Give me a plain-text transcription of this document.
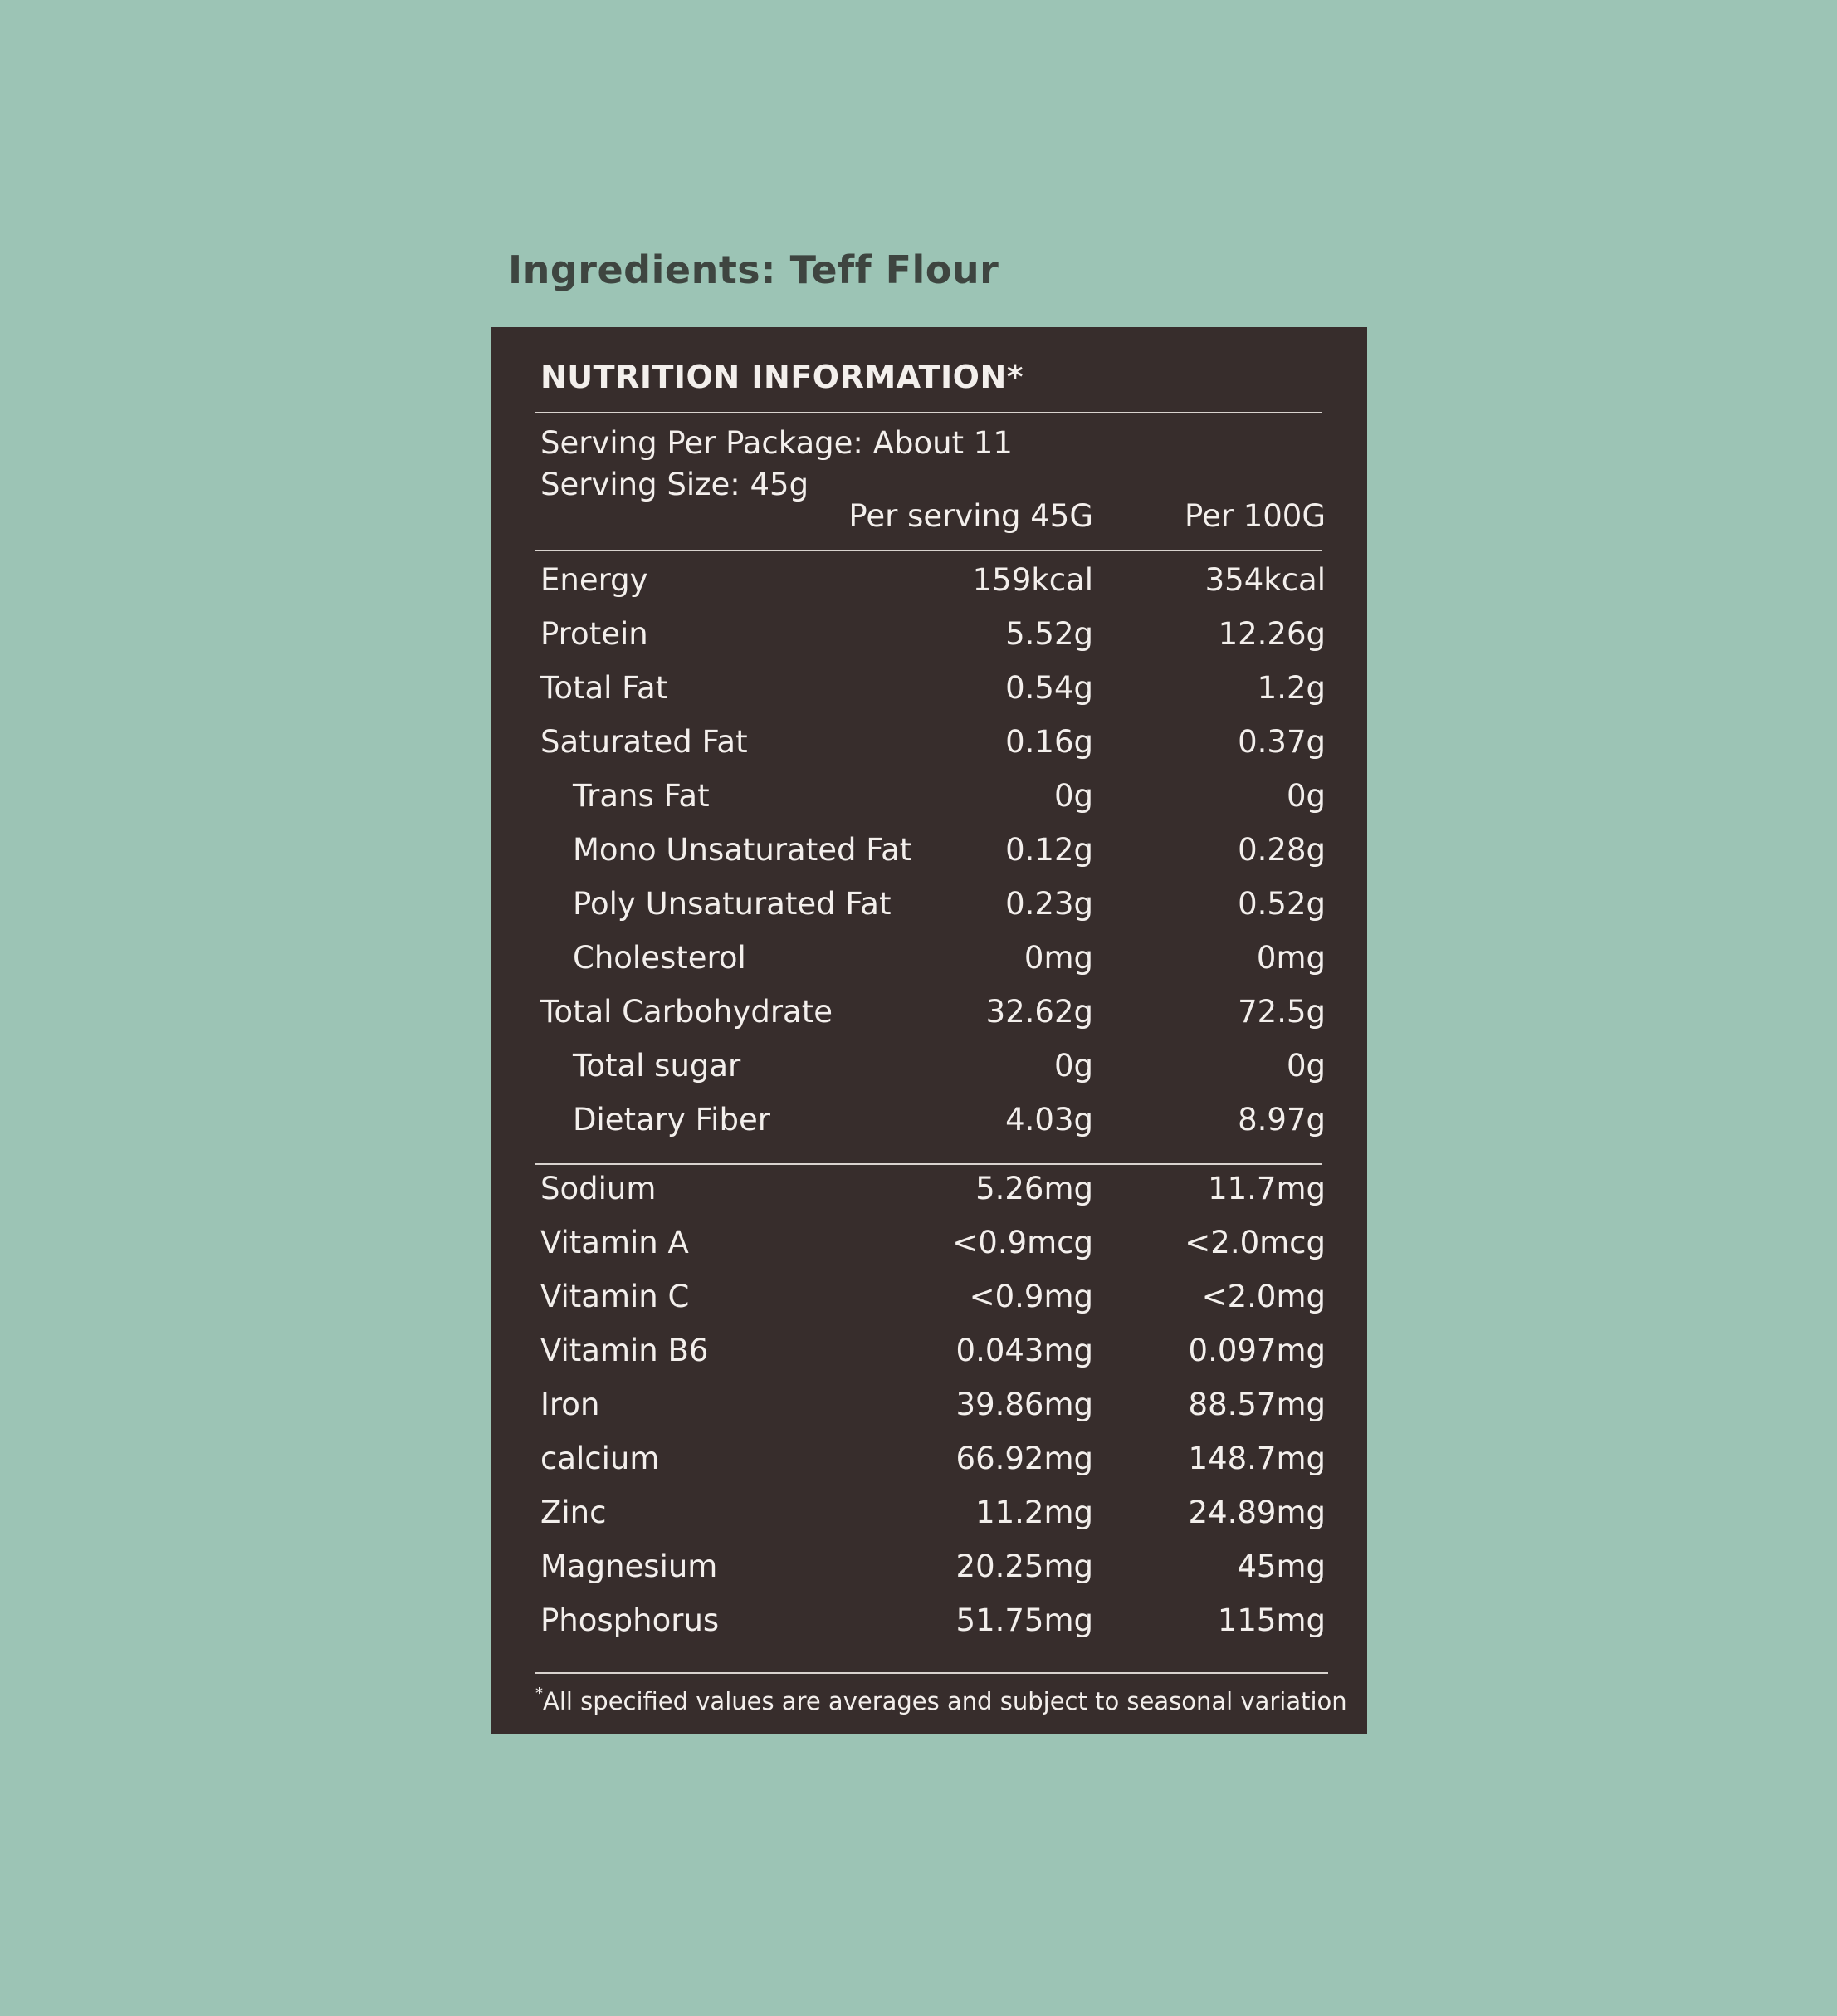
Ingredients: Teff Flour
NUTRITION INFORMATION*
Serving Per Package: About 11
Serving Size: 45g
Per serving 45G	Per 100G
Energy	159kcal	354kcal
Protein	5.52g	12.26g
Total Fat	0.54g	1.2g
Saturated Fat	0.16g	0.37g
Trans Fat	0g	0g
Mono Unsaturated Fat	0.12g	0.28g
Poly Unsaturated Fat	0.23g	0.52g
Cholesterol	0mg	0mg
Total Carbohydrate	32.62g	72.5g
Total sugar	0g	0g
Dietary Fiber	4.03g	8.97g
Sodium	5.26mg	11.7mg
Vitamin A	<0.9mcg	<2.0mcg
Vitamin C	<0.9mg	<2.0mg
Vitamin B6	0.043mg	0.097mg
Iron	39.86mg	88.57mg
calcium	66.92mg	148.7mg
Zinc	11.2mg	24.89mg
Magnesium	20.25mg	45mg
Phosphorus	51.75mg	115mg
*All specified values are averages and subject to seasonal variation
